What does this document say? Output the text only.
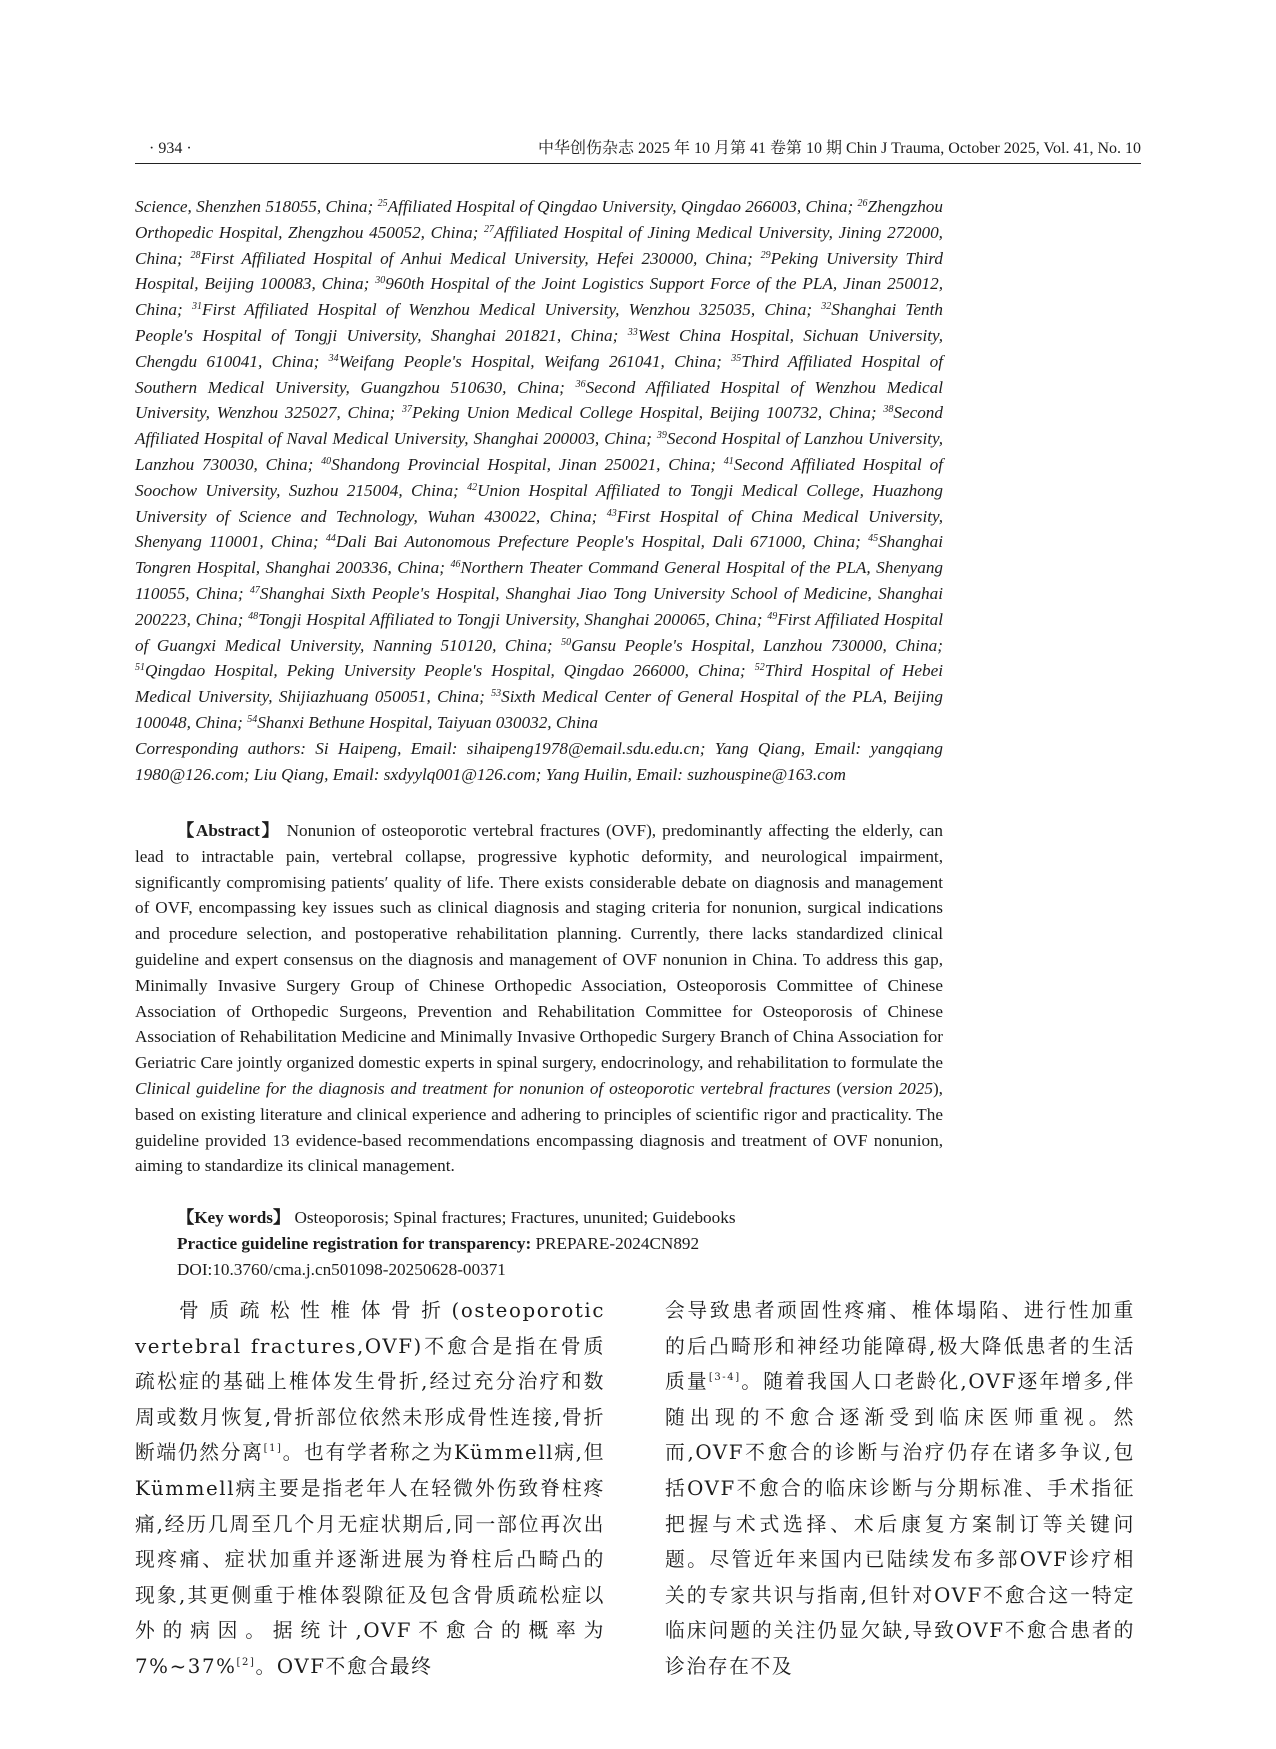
· 934 ·	中华创伤杂志 2025 年 10 月第 41 卷第 10 期 Chin J Trauma, October 2025, Vol. 41, No. 10

Science, Shenzhen 518055, China; $^{25}$Affiliated Hospital of Qingdao University, Qingdao 266003, China; $^{26}$Zhengzhou Orthopedic Hospital, Zhengzhou 450052, China; $^{27}$Affiliated Hospital of Jining Medical University, Jining 272000, China; $^{28}$First Affiliated Hospital of Anhui Medical University, Hefei 230000, China; $^{29}$Peking University Third Hospital, Beijing 100083, China; $^{30}$960th Hospital of the Joint Logistics Support Force of the PLA, Jinan 250012, China; $^{31}$First Affiliated Hospital of Wenzhou Medical University, Wenzhou 325035, China; $^{32}$Shanghai Tenth People's Hospital of Tongji University, Shanghai 201821, China; $^{33}$West China Hospital, Sichuan University, Chengdu 610041, China; $^{34}$Weifang People's Hospital, Weifang 261041, China; $^{35}$Third Affiliated Hospital of Southern Medical University, Guangzhou 510630, China; $^{36}$Second Affiliated Hospital of Wenzhou Medical University, Wenzhou 325027, China; $^{37}$Peking Union Medical College Hospital, Beijing 100732, China; $^{38}$Second Affiliated Hospital of Naval Medical University, Shanghai 200003, China; $^{39}$Second Hospital of Lanzhou University, Lanzhou 730030, China; $^{40}$Shandong Provincial Hospital, Jinan 250021, China; $^{41}$Second Affiliated Hospital of Soochow University, Suzhou 215004, China; $^{42}$Union Hospital Affiliated to Tongji Medical College, Huazhong University of Science and Technology, Wuhan 430022, China; $^{43}$First Hospital of China Medical University, Shenyang 110001, China; $^{44}$Dali Bai Autonomous Prefecture People's Hospital, Dali 671000, China; $^{45}$Shanghai Tongren Hospital, Shanghai 200336, China; $^{46}$Northern Theater Command General Hospital of the PLA, Shenyang 110055, China; $^{47}$Shanghai Sixth People's Hospital, Shanghai Jiao Tong University School of Medicine, Shanghai 200223, China; $^{48}$Tongji Hospital Affiliated to Tongji University, Shanghai 200065, China; $^{49}$First Affiliated Hospital of Guangxi Medical University, Nanning 510120, China; $^{50}$Gansu People's Hospital, Lanzhou 730000, China; $^{51}$Qingdao Hospital, Peking University People's Hospital, Qingdao 266000, China; $^{52}$Third Hospital of Hebei Medical University, Shijiazhuang 050051, China; $^{53}$Sixth Medical Center of General Hospital of the PLA, Beijing 100048, China; $^{54}$Shanxi Bethune Hospital, Taiyuan 030032, China

Corresponding authors: Si Haipeng, Email: sihaipeng1978@email.sdu.edu.cn; Yang Qiang, Email: yangqiang 1980@126.com; Liu Qiang, Email: sxdyylq001@126.com; Yang Huilin, Email: suzhouspine@163.com

【Abstract】 Nonunion of osteoporotic vertebral fractures (OVF), predominantly affecting the elderly, can lead to intractable pain, vertebral collapse, progressive kyphotic deformity, and neurological impairment, significantly compromising patients′ quality of life. There exists considerable debate on diagnosis and management of OVF, encompassing key issues such as clinical diagnosis and staging criteria for nonunion, surgical indications and procedure selection, and postoperative rehabilitation planning. Currently, there lacks standardized clinical guideline and expert consensus on the diagnosis and management of OVF nonunion in China. To address this gap, Minimally Invasive Surgery Group of Chinese Orthopedic Association, Osteoporosis Committee of Chinese Association of Orthopedic Surgeons, Prevention and Rehabilitation Committee for Osteoporosis of Chinese Association of Rehabilitation Medicine and Minimally Invasive Orthopedic Surgery Branch of China Association for Geriatric Care jointly organized domestic experts in spinal surgery, endocrinology, and rehabilitation to formulate the Clinical guideline for the diagnosis and treatment for nonunion of osteoporotic vertebral fractures (version 2025), based on existing literature and clinical experience and adhering to principles of scientific rigor and practicality. The guideline provided 13 evidence-based recommendations encompassing diagnosis and treatment of OVF nonunion, aiming to standardize its clinical management.

【Key words】 Osteoporosis; Spinal fractures; Fractures, ununited; Guidebooks
Practice guideline registration for transparency: PREPARE-2024CN892
DOI:10.3760/cma.j.cn501098-20250628-00371

骨质疏松性椎体骨折(osteoporotic vertebral fractures,OVF)不愈合是指在骨质疏松症的基础上椎体发生骨折,经过充分治疗和数周或数月恢复,骨折部位依然未形成骨性连接,骨折断端仍然分离[1]。也有学者称之为Kümmell病,但Kümmell病主要是指老年人在轻微外伤致脊柱疼痛,经历几周至几个月无症状期后,同一部位再次出现疼痛、症状加重并逐渐进展为脊柱后凸畸凸的现象,其更侧重于椎体裂隙征及包含骨质疏松症以外的病因。据统计,OVF不愈合的概率为7%~37%[2]。OVF不愈合最终

会导致患者顽固性疼痛、椎体塌陷、进行性加重的后凸畸形和神经功能障碍,极大降低患者的生活质量[3-4]。随着我国人口老龄化,OVF逐年增多,伴随出现的不愈合逐渐受到临床医师重视。然而,OVF不愈合的诊断与治疗仍存在诸多争议,包括OVF不愈合的临床诊断与分期标准、手术指征把握与术式选择、术后康复方案制订等关键问题。尽管近年来国内已陆续发布多部OVF诊疗相关的专家共识与指南,但针对OVF不愈合这一特定临床问题的关注仍显欠缺,导致OVF不愈合患者的诊治存在不及
